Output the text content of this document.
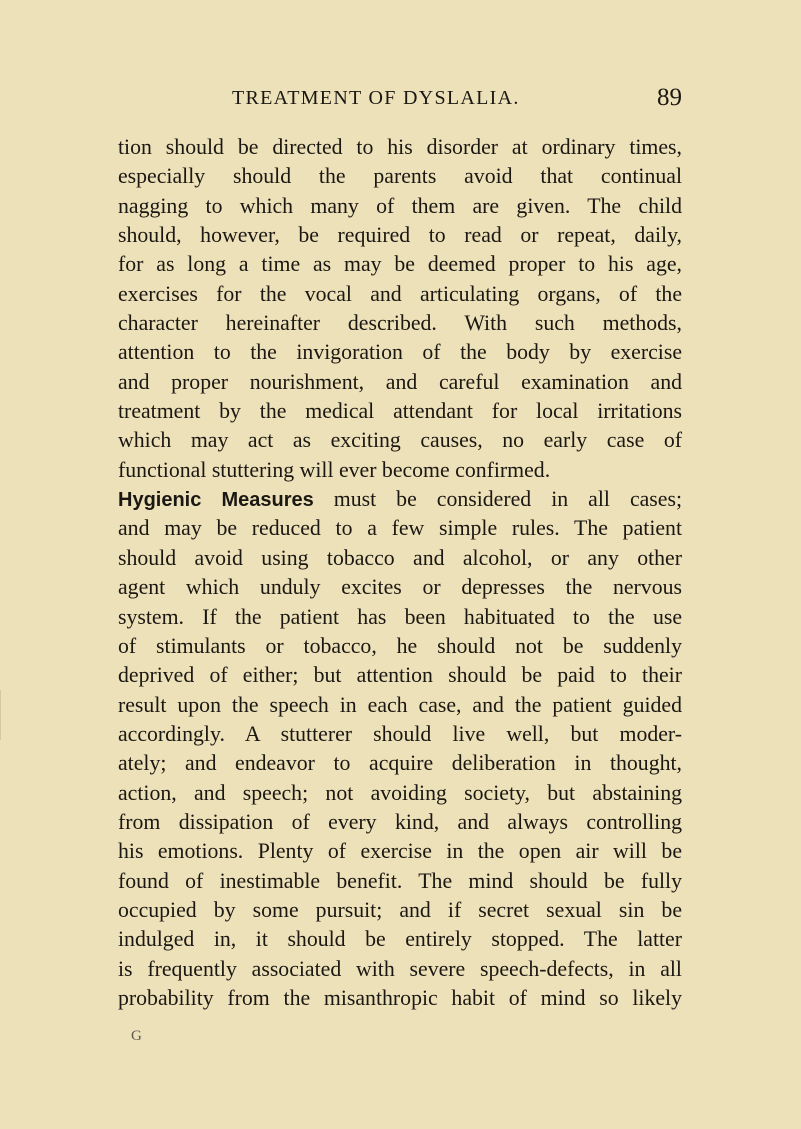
TREATMENT OF DYSLALIA.	89
tion should be directed to his disorder at ordinary times,
especially should the parents avoid that continual
nagging to which many of them are given. The child
should, however, be required to read or repeat, daily,
for as long a time as may be deemed proper to his age,
exercises for the vocal and articulating organs, of the
character hereinafter described. With such methods,
attention to the invigoration of the body by exercise
and proper nourishment, and careful examination and
treatment by the medical attendant for local irritations
which may act as exciting causes, no early case of
functional stuttering will ever become confirmed.
Hygienic Measures must be considered in all cases;
and may be reduced to a few simple rules. The patient
should avoid using tobacco and alcohol, or any other
agent which unduly excites or depresses the nervous
system. If the patient has been habituated to the use
of stimulants or tobacco, he should not be suddenly
deprived of either; but attention should be paid to their
result upon the speech in each case, and the patient guided
accordingly. A stutterer should live well, but moder-
ately; and endeavor to acquire deliberation in thought,
action, and speech; not avoiding society, but abstaining
from dissipation of every kind, and always controlling
his emotions. Plenty of exercise in the open air will be
found of inestimable benefit. The mind should be fully
occupied by some pursuit; and if secret sexual sin be
indulged in, it should be entirely stopped. The latter
is frequently associated with severe speech-defects, in all
probability from the misanthropic habit of mind so likely
G
